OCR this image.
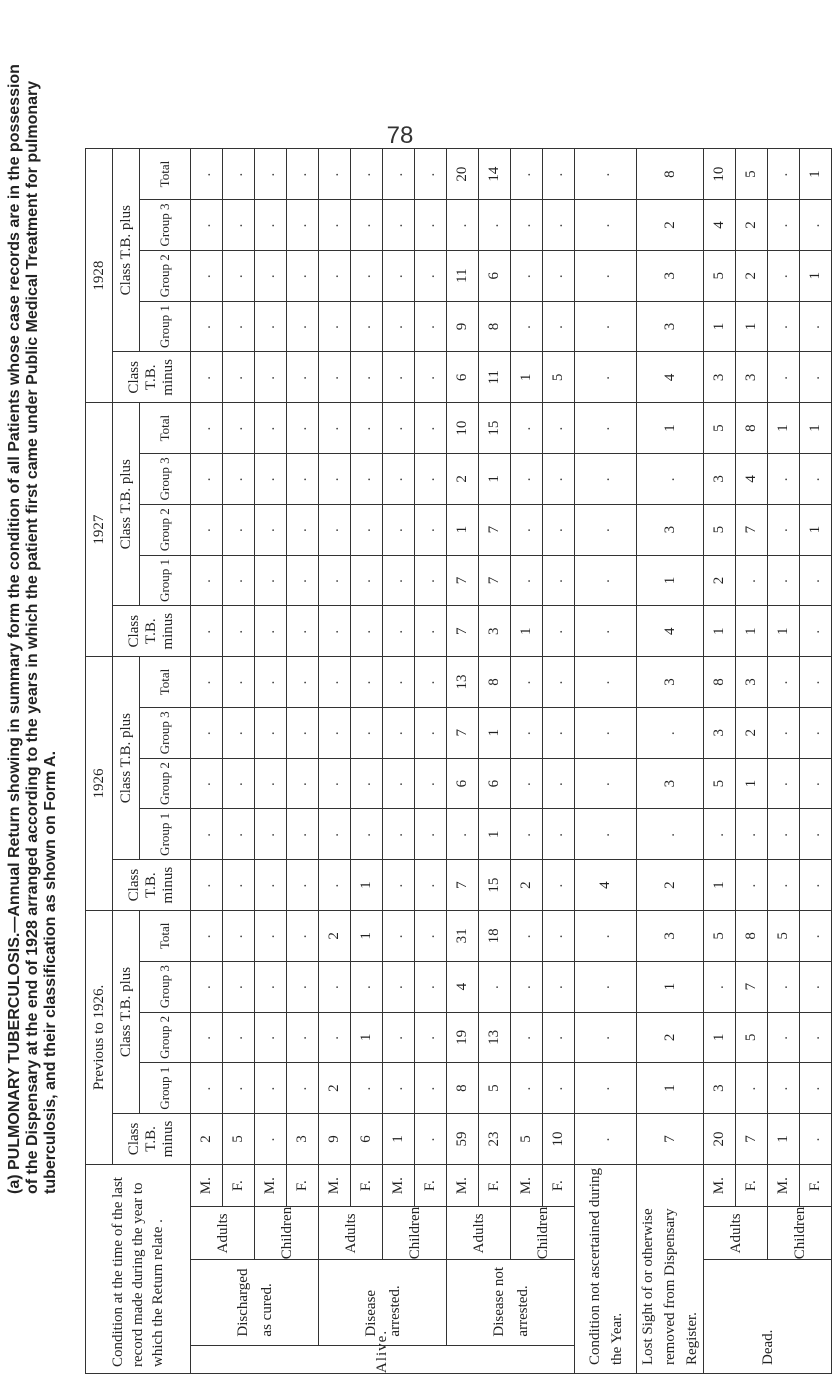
78
(a) PULMONARY TUBERCULOSIS.—Annual Return showing in summary form the condition of all Patients whose case records are in the possession of the Dispensary at the end of 1928 arranged according to the years in which the patient first came under Public Medical Treatment for pulmonary tuberculosis, and their classification as shown on Form A.
Condition at the time of the last record made during the year to which the Return relate .				Previous to 1926.					1926					1927					1928				
				Class T.B. minus	Class T.B. plus				Class T.B. minus	Class T.B. plus				Class T.B. minus	Class T.B. plus				Class T.B. minus	Class T.B. plus			
					Group 1	Group 2	Group 3	Total		Group 1	Group 2	Group 3	Total		Group 1	Group 2	Group 3	Total		Group 1	Group 2	Group 3	Total
Alive.	Discharged as cured.	Adults	M.	2	.	.	.	.	.	.	.	.	.	.	.	.	.	.	.	.	.	.	.
			F.	5	.	.	.	.	.	.	.	.	.	.	.	.	.	.	.	.	.	.	.
		Children	M.	.	.	.	.	.	.	.	.	.	.	.	.	.	.	.	.	.	.	.	.
			F.	3	.	.	.	.	.	.	.	.	.	.	.	.	.	.	.	.	.	.	.
	Disease arrested.	Adults	M.	9	2	.	.	2	.	.	.	.	.	.	.	.	.	.	.	.	.	.	.
			F.	6	.	1	.	1	1	.	.	.	.	.	.	.	.	.	.	.	.	.	.
		Children	M.	1	.	.	.	.	.	.	.	.	.	.	.	.	.	.	.	.	.	.	.
			F.	.	.	.	.	.	.	.	.	.	.	.	.	.	.	.	.	.	.	.	.
	Disease not arrested.	Adults	M.	59	8	19	4	31	7	.	6	7	13	7	7	1	2	10	6	9	11	.	20
			F.	23	5	13	.	18	15	1	6	1	8	3	7	7	1	15	11	8	6	.	14
		Children	M.	5	.	.	.	.	2	.	.	.	.	1	.	.	.	.	1	.	.	.	.
			F.	10	.	.	.	.	.	.	.	.	.	.	.	.	.	.	5	.	.	.	.
Condition not ascertained during the Year.				.	.	.	.	.	4	.	.	.	.	.	.	.	.	.	.	.	.	.	.
Lost Sight of or otherwise removed from Dispensary Register.				7	1	2	1	3	2	.	3	.	3	4	1	3	.	1	4	3	3	2	8
Dead.		Adults	M.	20	3	1	.	5	1	.	5	3	8	1	2	5	3	5	3	1	5	4	10
			F.	7	.	5	7	8	.	.	1	2	3	1	.	7	4	8	3	1	2	2	5
		Children	M.	1	.	.	.	5	.	.	.	.	.	1	.	.	.	1	.	.	.	.	.
			F.	.	.	.	.	.	.	.	.	.	.	.	.	1	.	1	.	.	1	.	1
